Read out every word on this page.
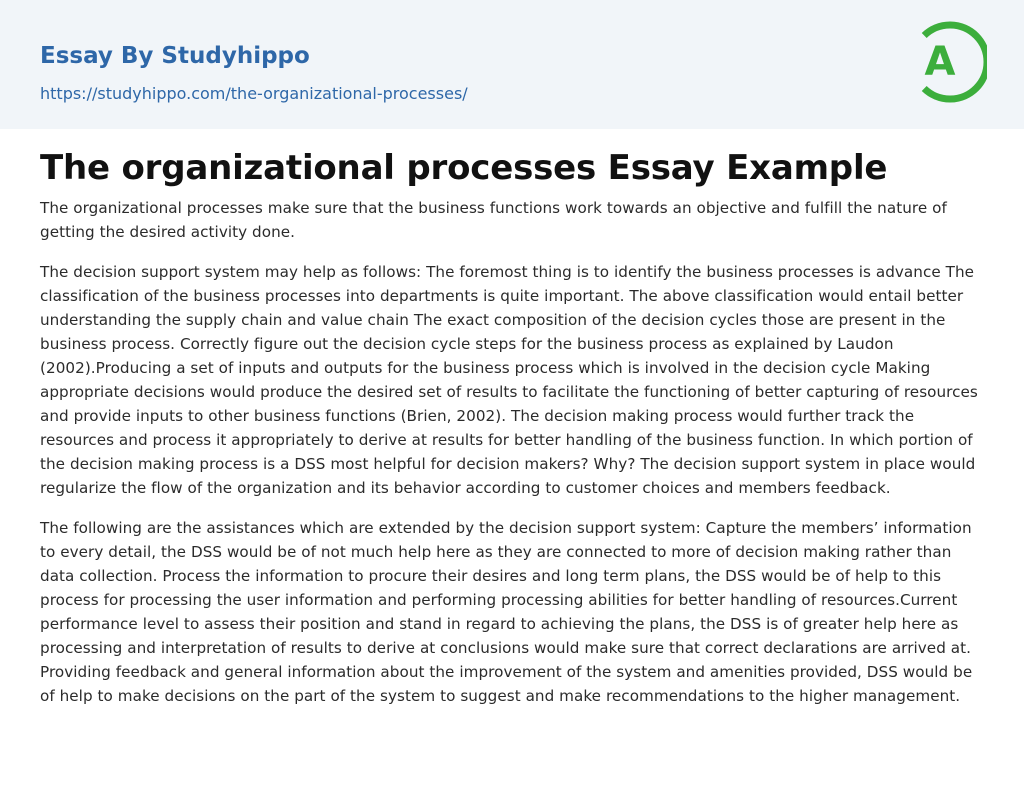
Essay By Studyhippo
https://studyhippo.com/the-organizational-processes/
A
The organizational processes Essay Example

The organizational processes make sure that the business functions work towards an objective and fulfill the nature of getting the desired activity done.

The decision support system may help as follows: The foremost thing is to identify the business processes is advance The classification of the business processes into departments is quite important. The above classification would entail better understanding the supply chain and value chain The exact composition of the decision cycles those are present in the business process. Correctly figure out the decision cycle steps for the business process as explained by Laudon (2002).Producing a set of inputs and outputs for the business process which is involved in the decision cycle Making appropriate decisions would produce the desired set of results to facilitate the functioning of better capturing of resources and provide inputs to other business functions (Brien, 2002). The decision making process would further track the resources and process it appropriately to derive at results for better handling of the business function. In which portion of the decision making process is a DSS most helpful for decision makers? Why? The decision support system in place would regularize the flow of the organization and its behavior according to customer choices and members feedback.

The following are the assistances which are extended by the decision support system: Capture the members’ information to every detail, the DSS would be of not much help here as they are connected to more of decision making rather than data collection. Process the information to procure their desires and long term plans, the DSS would be of help to this process for processing the user information and performing processing abilities for better handling of resources.Current performance level to assess their position and stand in regard to achieving the plans, the DSS is of greater help here as processing and interpretation of results to derive at conclusions would make sure that correct declarations are arrived at. Providing feedback and general information about the improvement of the system and amenities provided, DSS would be of help to make decisions on the part of the system to suggest and make recommendations to the higher management.
